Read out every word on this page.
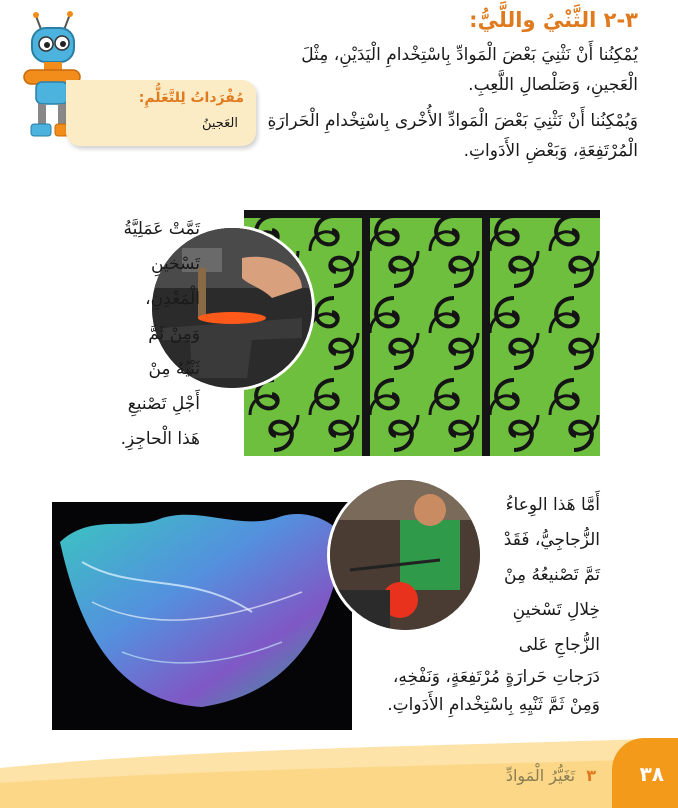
٣-٢ الثَّنْيُ واللَّيُّ:
مُفْرَداتُ لِلتَّعَلُّمِ:
العَجينُ

يُمْكِنُنا أَنْ نَثْنِيَ بَعْضَ الْمَوادِّ بِاسْتِخْدامِ الْيَدَيْنِ، مِثْلَ الْعَجينِ، وَصَلْصالِ اللَّعِبِ.

وَيُمْكِنُنا أَنْ نَثْنِيَ بَعْضَ الْمَوادِّ الأُخْرى بِاسْتِخْدامِ الْحَرارَةِ الْمُرْتَفِعَةِ، وَبَعْضِ الأَدَواتِ.

تَمَّتْ عَمَلِيَّةُ
تَسْخينِ
الْمَعْدِنِ،
وَمِنْ ثَمَّ
ثَنْيُهُ مِنْ
أَجْلِ تَصْنيعِ
هَذا الْحاجِزِ.
أَمَّا هَذا الوِعاءُ
الزُّجاجِيُّ، فَقَدْ
تَمَّ تَصْنيعُهُ مِنْ
خِلالِ تَسْخينِ
الزُّجاجِ عَلى
دَرَجاتِ حَرارَةٍ مُرْتَفِعَةٍ، وَنَفْخِهِ،
وَمِنْ ثَمَّ ثَنْيِهِ بِاسْتِخْدامِ الأَدَواتِ.
٣ تَغَيُّرُ الْمَوادِّ	٣٨
